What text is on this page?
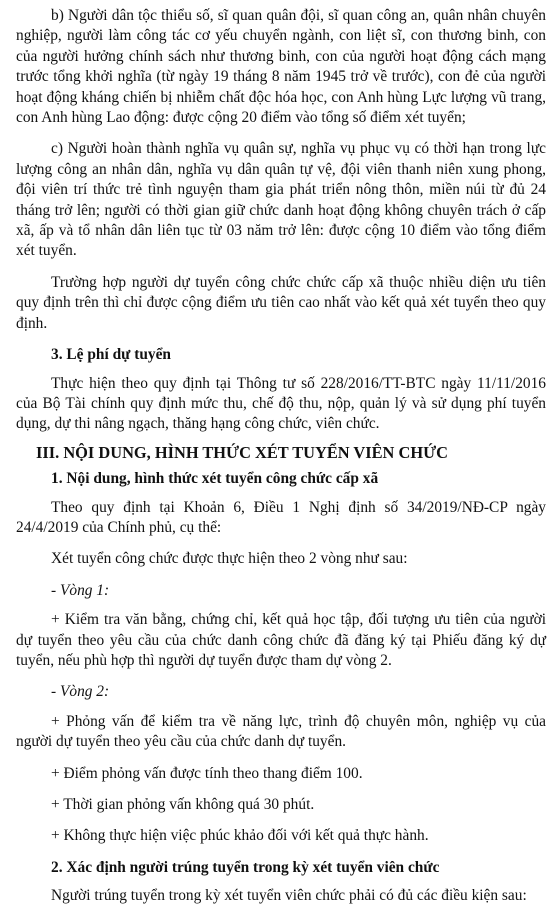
b) Người dân tộc thiểu số, sĩ quan quân đội, sĩ quan công an, quân nhân chuyên nghiệp, người làm công tác cơ yếu chuyển ngành, con liệt sĩ, con thương binh, con của người hưởng chính sách như thương binh, con của người hoạt động cách mạng trước tổng khởi nghĩa (từ ngày 19 tháng 8 năm 1945 trở về trước), con đẻ của người hoạt động kháng chiến bị nhiễm chất độc hóa học, con Anh hùng Lực lượng vũ trang, con Anh hùng Lao động: được cộng 20 điểm vào tổng số điểm xét tuyển;

c) Người hoàn thành nghĩa vụ quân sự, nghĩa vụ phục vụ có thời hạn trong lực lượng công an nhân dân, nghĩa vụ dân quân tự vệ, đội viên thanh niên xung phong, đội viên trí thức trẻ tình nguyện tham gia phát triển nông thôn, miền núi từ đủ 24 tháng trở lên; người có thời gian giữ chức danh hoạt động không chuyên trách ở cấp xã, ấp và tổ nhân dân liên tục từ 03 năm trở lên: được cộng 10 điểm vào tổng điểm xét tuyển.

Trường hợp người dự tuyển công chức chức cấp xã thuộc nhiều diện ưu tiên quy định trên thì chỉ được cộng điểm ưu tiên cao nhất vào kết quả xét tuyển theo quy định.

3. Lệ phí dự tuyển

Thực hiện theo quy định tại Thông tư số 228/2016/TT-BTC ngày 11/11/2016 của Bộ Tài chính quy định mức thu, chế độ thu, nộp, quản lý và sử dụng phí tuyển dụng, dự thi nâng ngạch, thăng hạng công chức, viên chức.

III. NỘI DUNG, HÌNH THỨC XÉT TUYỂN VIÊN CHỨC

1. Nội dung, hình thức xét tuyển công chức cấp xã

Theo quy định tại Khoản 6, Điều 1 Nghị định số 34/2019/NĐ-CP ngày 24/4/2019 của Chính phủ, cụ thể:

Xét tuyển công chức được thực hiện theo 2 vòng như sau:

- Vòng 1:

+ Kiểm tra văn bằng, chứng chỉ, kết quả học tập, đối tượng ưu tiên của người dự tuyển theo yêu cầu của chức danh công chức đã đăng ký tại Phiếu đăng ký dự tuyển, nếu phù hợp thì người dự tuyển được tham dự vòng 2.

- Vòng 2:

+ Phỏng vấn để kiểm tra về năng lực, trình độ chuyên môn, nghiệp vụ của người dự tuyển theo yêu cầu của chức danh dự tuyển.

+ Điểm phỏng vấn được tính theo thang điểm 100.

+ Thời gian phỏng vấn không quá 30 phút.

+ Không thực hiện việc phúc khảo đối với kết quả thực hành.

2. Xác định người trúng tuyển trong kỳ xét tuyển viên chức

Người trúng tuyển trong kỳ xét tuyển viên chức phải có đủ các điều kiện sau:
